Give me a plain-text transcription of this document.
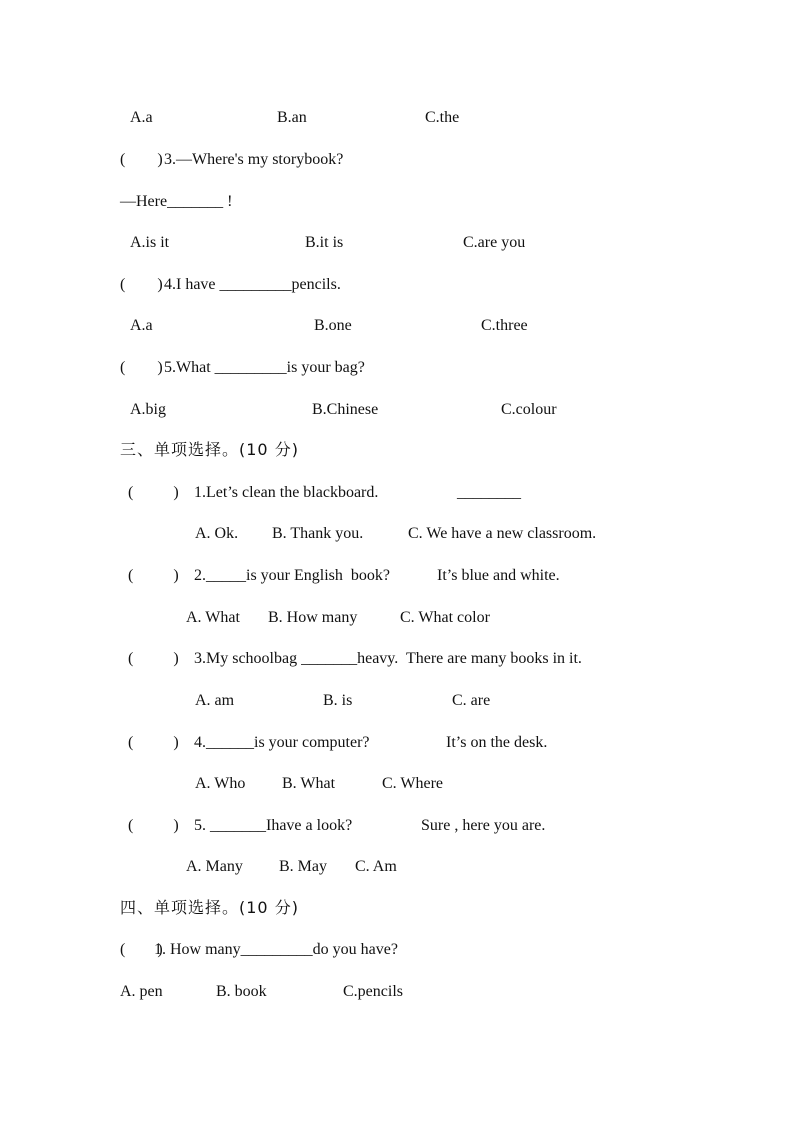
A.a	B.an	C.the
(        ) 3.—Where's my storybook?
—Here_______ !
A.is it	B.it is	C.are you
(        ) 4.I have _________pencils.
A.a	B.one	C.three
(        ) 5.What _________is your bag?
A.big	B.Chinese	C.colour
三、单项选择。(10 分)
(          ) 1.Let’s clean the blackboard.	________
A. Ok. B. Thank you.	C. We have a new classroom.
(          ) 2._____is your English  book?	It’s blue and white.
A. What B. How many	C. What color
(          ) 3.My schoolbag _______heavy.  There are many books in it.
A. am	B. is	C. are
(          ) 4.______is your computer?	It’s on the desk.
A. Who B. What	C. Where
(          ) 5. _______Ihave a look?	Sure , here you are.
A. Many B. May C. Am
四、单项选择。(10 分)
(        )
1. How many_________do you have?
A. pen	B. book	C.pencils
